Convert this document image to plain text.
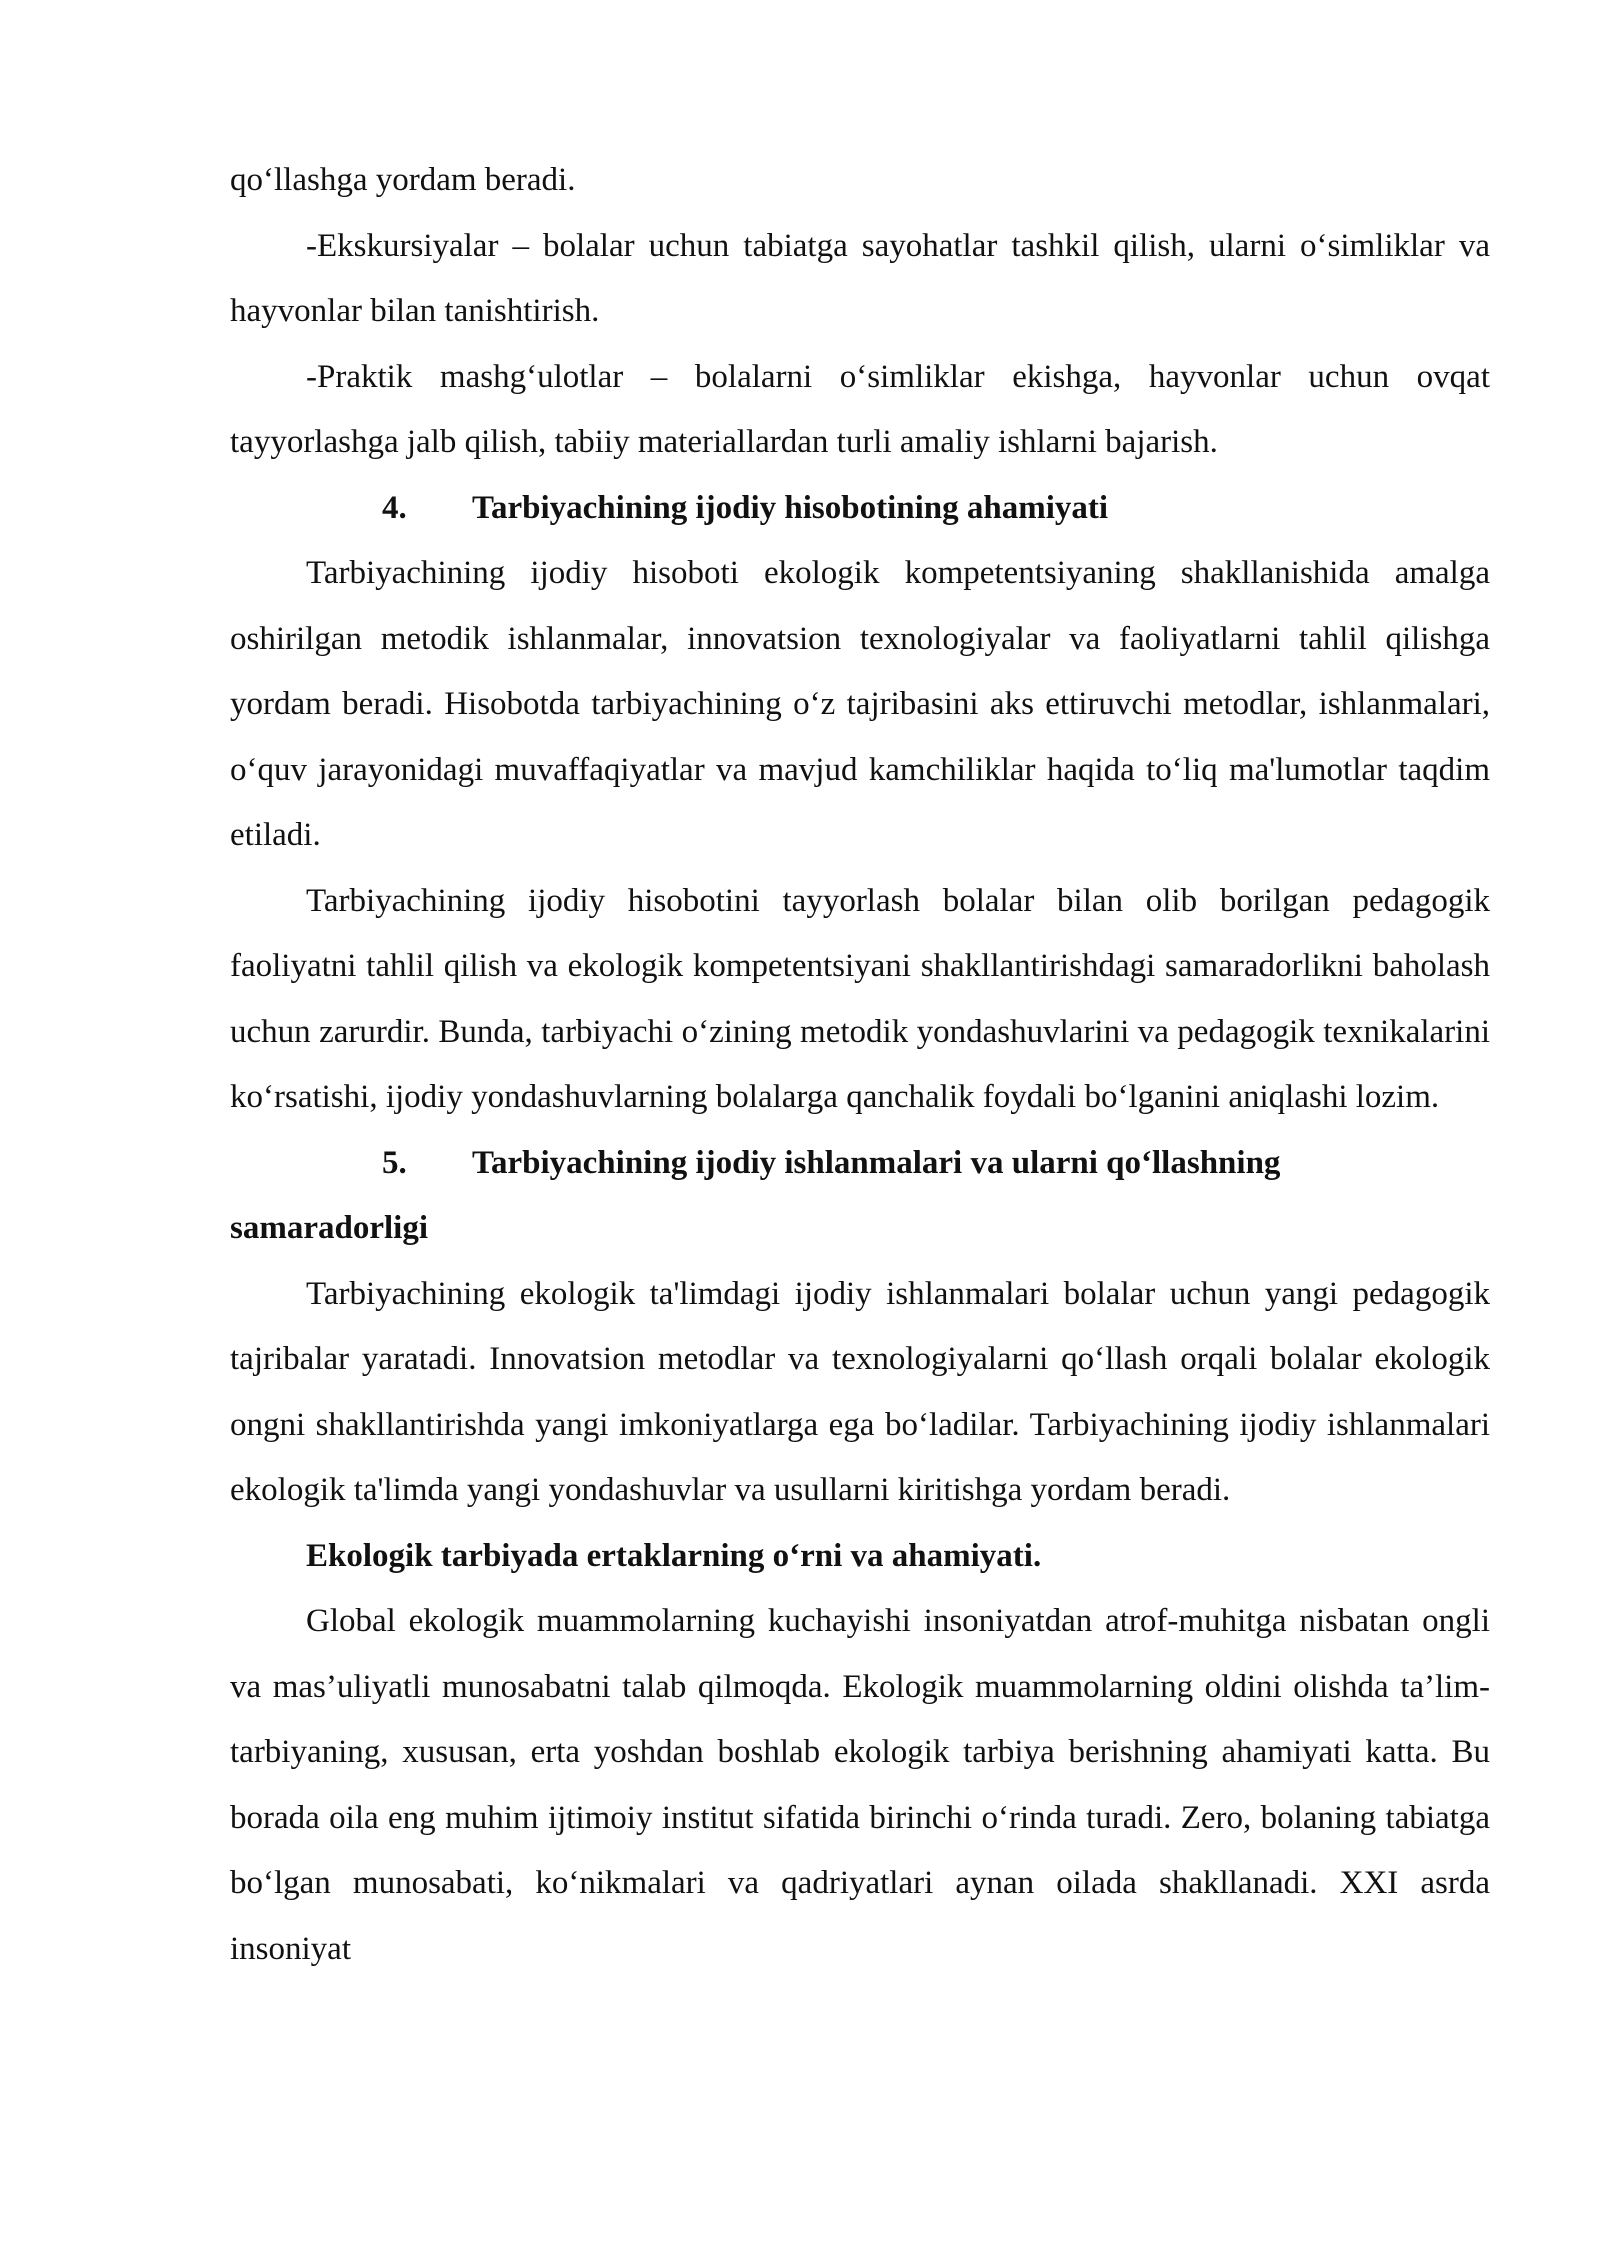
qo‘llashga yordam beradi.

-Ekskursiyalar – bolalar uchun tabiatga sayohatlar tashkil qilish, ularni o‘simliklar va hayvonlar bilan tanishtirish.

-Praktik mashg‘ulotlar – bolalarni o‘simliklar ekishga, hayvonlar uchun ovqat tayyorlashga jalb qilish, tabiiy materiallardan turli amaliy ishlarni bajarish.

4. Tarbiyachining ijodiy hisobotining ahamiyati

Tarbiyachining ijodiy hisoboti ekologik kompetentsiyaning shakllanishida amalga oshirilgan metodik ishlanmalar, innovatsion texnologiyalar va faoliyatlarni tahlil qilishga yordam beradi. Hisobotda tarbiyachining o‘z tajribasini aks ettiruvchi metodlar, ishlanmalari, o‘quv jarayonidagi muvaffaqiyatlar va mavjud kamchiliklar haqida to‘liq ma'lumotlar taqdim etiladi.

Tarbiyachining ijodiy hisobotini tayyorlash bolalar bilan olib borilgan pedagogik faoliyatni tahlil qilish va ekologik kompetentsiyani shakllantirishdagi samaradorlikni baholash uchun zarurdir. Bunda, tarbiyachi o‘zining metodik yondashuvlarini va pedagogik texnikalarini ko‘rsatishi, ijodiy yondashuvlarning bolalarga qanchalik foydali bo‘lganini aniqlashi lozim.

5. Tarbiyachining ijodiy ishlanmalari va ularni qo‘llashning

samaradorligi

Tarbiyachining ekologik ta'limdagi ijodiy ishlanmalari bolalar uchun yangi pedagogik tajribalar yaratadi. Innovatsion metodlar va texnologiyalarni qo‘llash orqali bolalar ekologik ongni shakllantirishda yangi imkoniyatlarga ega bo‘ladilar. Tarbiyachining ijodiy ishlanmalari ekologik ta'limda yangi yondashuvlar va usullarni kiritishga yordam beradi.

Ekologik tarbiyada ertaklarning o‘rni va ahamiyati.

Global ekologik muammolarning kuchayishi insoniyatdan atrof-muhitga nisbatan ongli va mas’uliyatli munosabatni talab qilmoqda. Ekologik muammolarning oldini olishda ta’lim-tarbiyaning, xususan, erta yoshdan boshlab ekologik tarbiya berishning ahamiyati katta. Bu borada oila eng muhim ijtimoiy institut sifatida birinchi o‘rinda turadi. Zero, bolaning tabiatga bo‘lgan munosabati, ko‘nikmalari va qadriyatlari aynan oilada shakllanadi. XXI asrda insoniyat
